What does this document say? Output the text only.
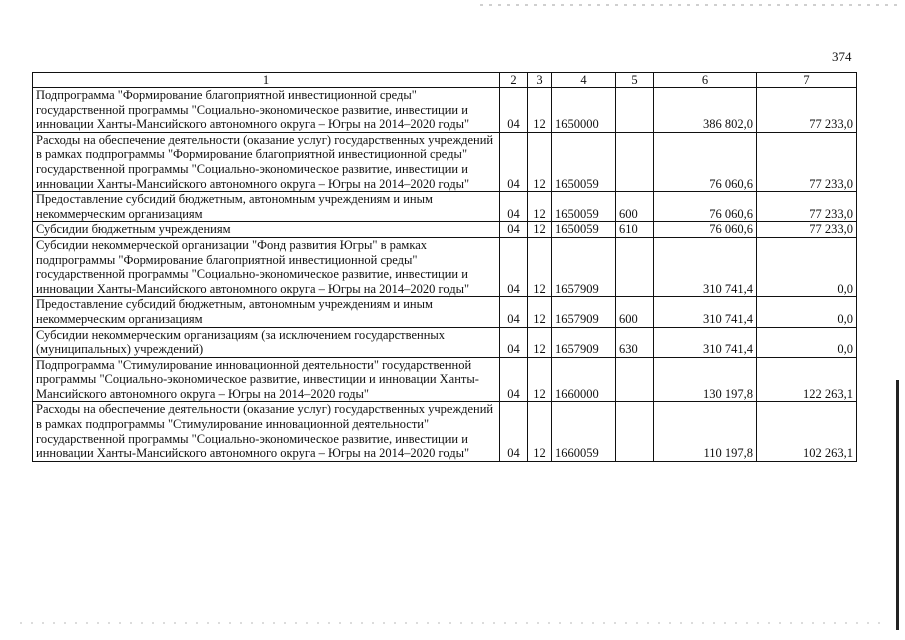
374
1	2	3	4	5	6	7
Подпрограмма "Формирование благоприятной инвестиционной среды" государственной программы "Социально-экономическое развитие, инвестиции и инновации Ханты-Мансийского автономного округа – Югры на 2014–2020 годы"	04	12	1650000		386 802,0	77 233,0
Расходы на обеспечение деятельности (оказание услуг) государственных учреждений в рамках подпрограммы "Формирование благоприятной инвестиционной среды" государственной программы "Социально-экономическое развитие, инвестиции и инновации Ханты-Мансийского автономного округа – Югры на 2014–2020 годы"	04	12	1650059		76 060,6	77 233,0
Предоставление субсидий бюджетным, автономным учреждениям и иным некоммерческим организациям	04	12	1650059	600	76 060,6	77 233,0
Субсидии бюджетным учреждениям	04	12	1650059	610	76 060,6	77 233,0
Субсидии некоммерческой организации "Фонд развития Югры" в рамках подпрограммы "Формирование благоприятной инвестиционной среды" государственной программы "Социально-экономическое развитие, инвестиции и инновации Ханты-Мансийского автономного округа – Югры на 2014–2020 годы"	04	12	1657909		310 741,4	0,0
Предоставление субсидий бюджетным, автономным учреждениям и иным некоммерческим организациям	04	12	1657909	600	310 741,4	0,0
Субсидии некоммерческим организациям (за исключением государственных (муниципальных) учреждений)	04	12	1657909	630	310 741,4	0,0
Подпрограмма "Стимулирование инновационной деятельности" государственной программы "Социально-экономическое развитие, инвестиции и инновации Ханты-Мансийского автономного округа – Югры на 2014–2020 годы"	04	12	1660000		130 197,8	122 263,1
Расходы на обеспечение деятельности (оказание услуг) государственных учреждений в рамках подпрограммы "Стимулирование инновационной деятельности" государственной программы "Социально-экономическое развитие, инвестиции и инновации Ханты-Мансийского автономного округа – Югры на 2014–2020 годы"	04	12	1660059		110 197,8	102 263,1
